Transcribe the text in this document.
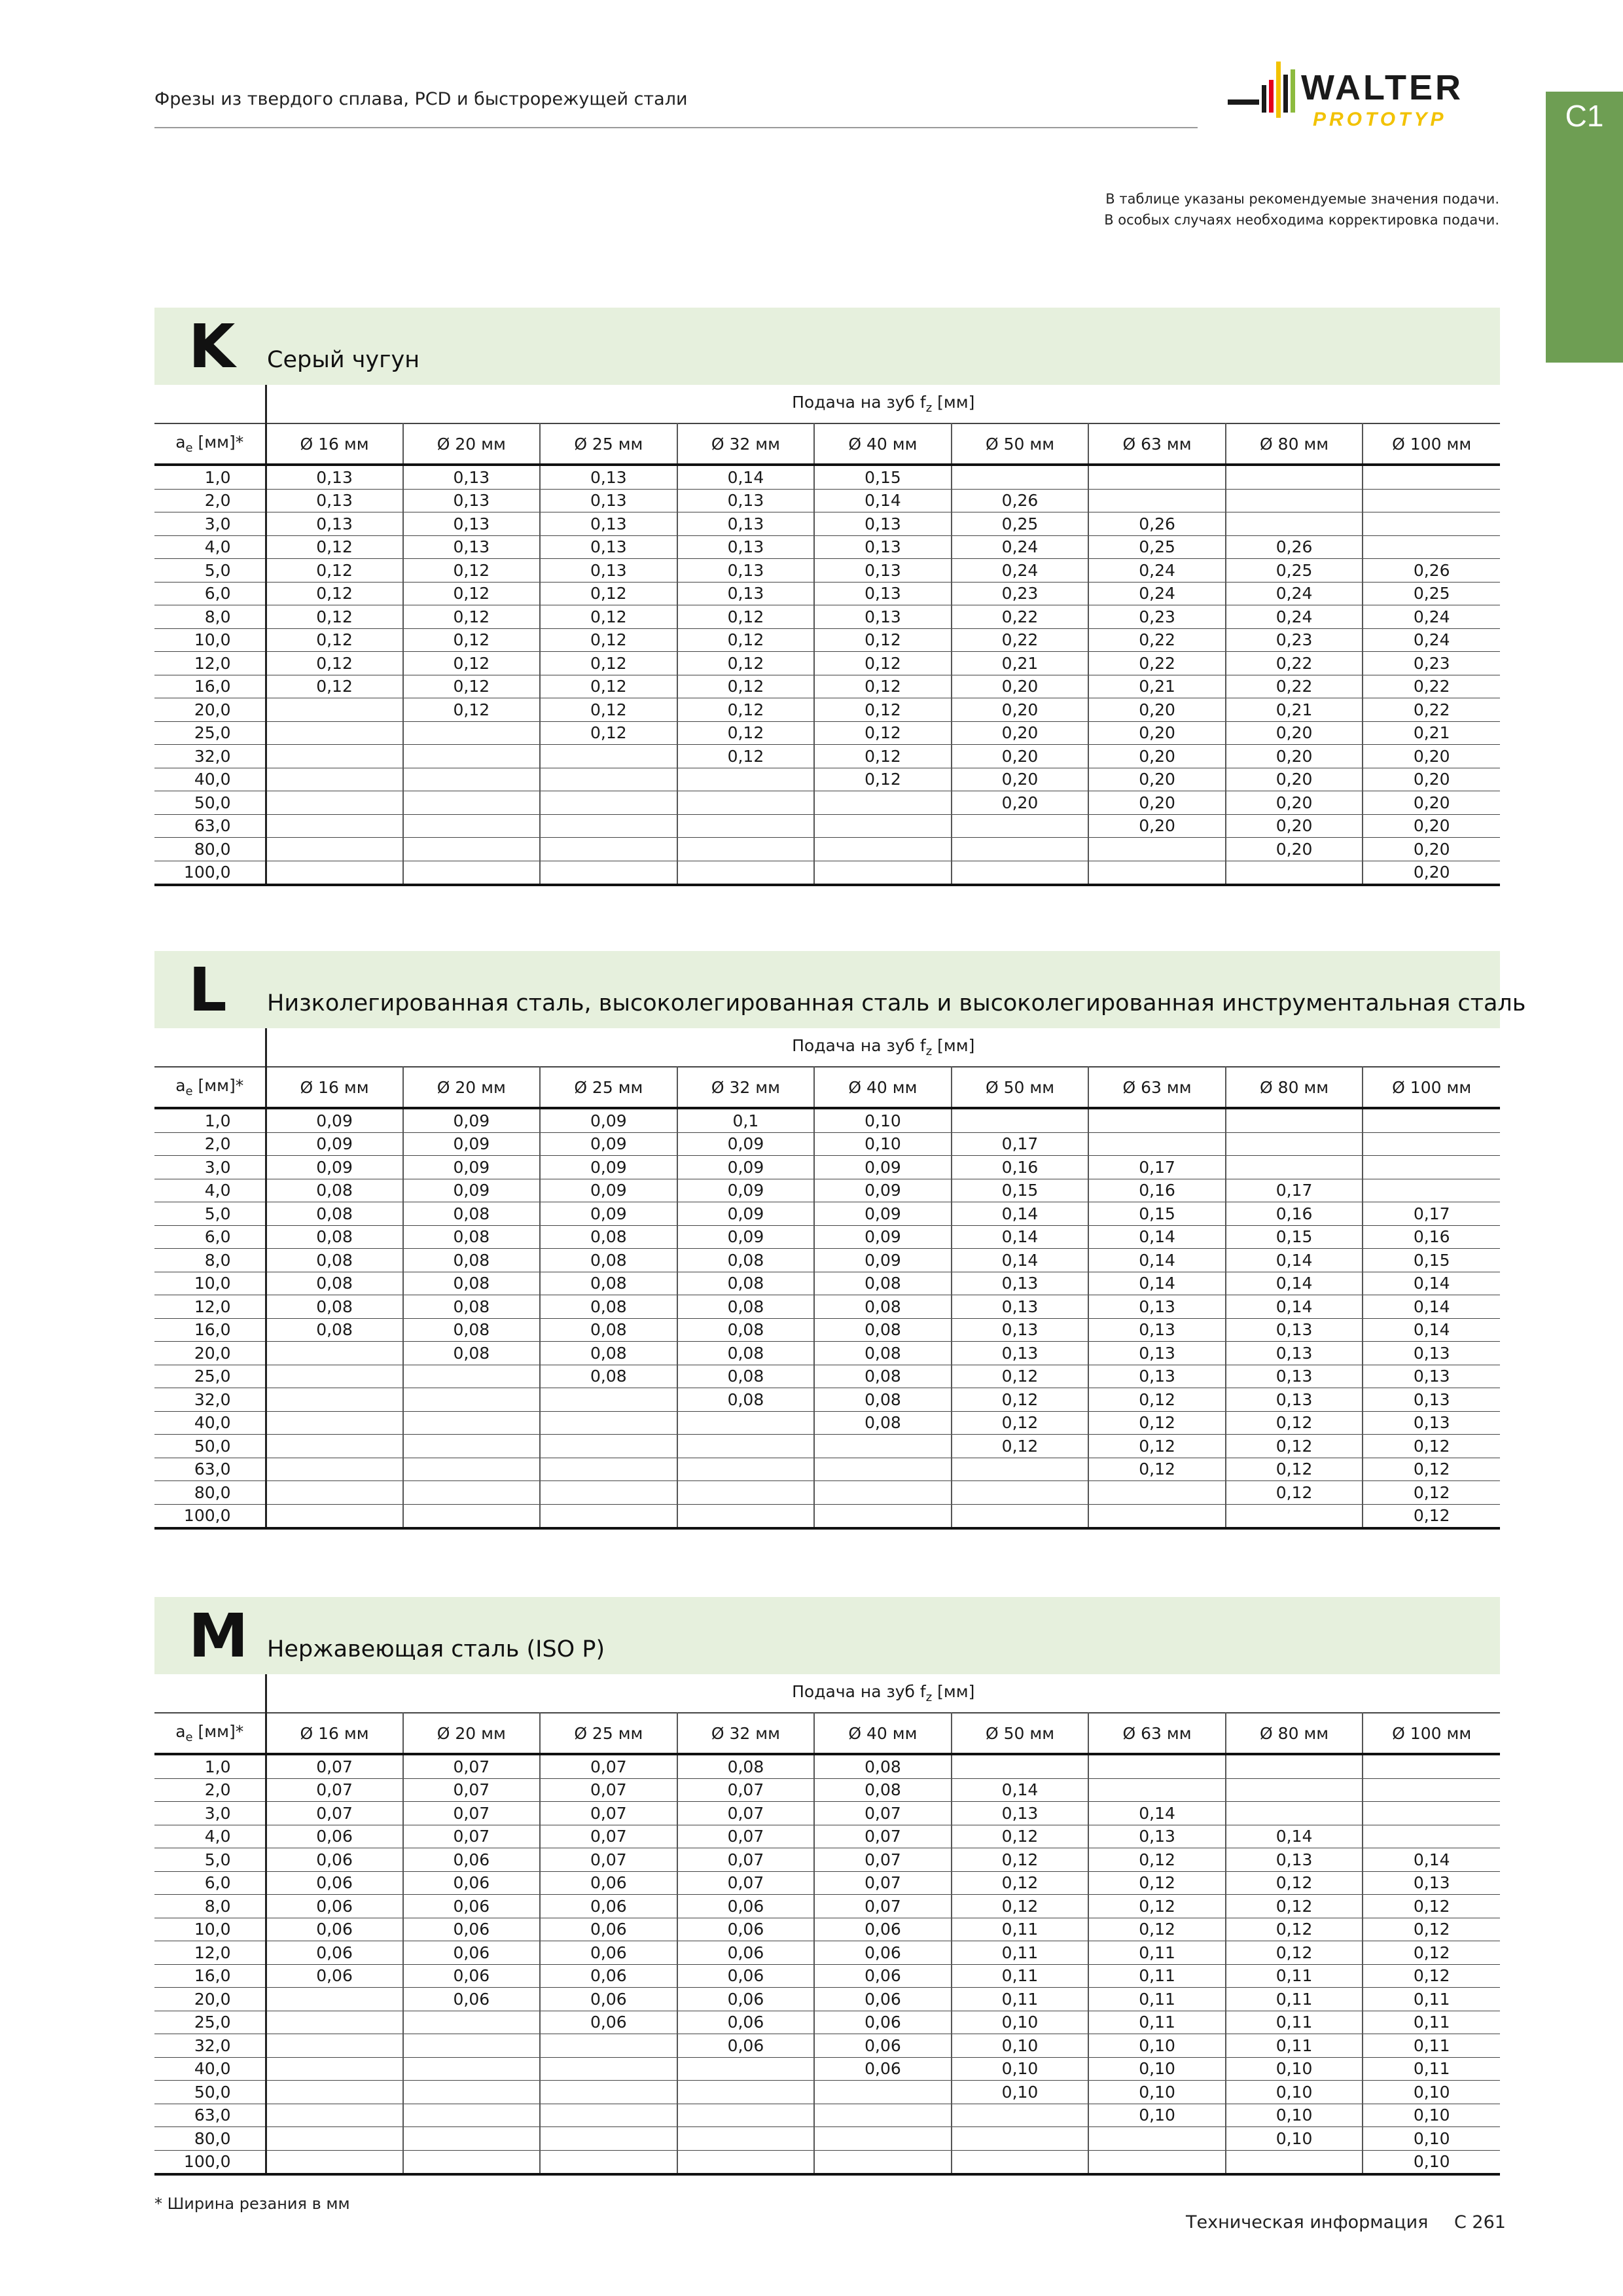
Фрезы из твердого сплава, PCD и быстрорежущей стали	WALTER
PROTOTYP	C1
В таблице указаны рекомендуемые значения подачи.
В особых случаях необходима корректировка подачи.
K Серый чугун
	Подача на зуб $f_z$ [мм]								
$a_e$ [мм]*	Ø 16 мм	Ø 20 мм	Ø 25 мм	Ø 32 мм	Ø 40 мм	Ø 50 мм	Ø 63 мм	Ø 80 мм	Ø 100 мм
1,0	0,13	0,13	0,13	0,14	0,15				
2,0	0,13	0,13	0,13	0,13	0,14	0,26			
3,0	0,13	0,13	0,13	0,13	0,13	0,25	0,26		
4,0	0,12	0,13	0,13	0,13	0,13	0,24	0,25	0,26	
5,0	0,12	0,12	0,13	0,13	0,13	0,24	0,24	0,25	0,26
6,0	0,12	0,12	0,12	0,13	0,13	0,23	0,24	0,24	0,25
8,0	0,12	0,12	0,12	0,12	0,13	0,22	0,23	0,24	0,24
10,0	0,12	0,12	0,12	0,12	0,12	0,22	0,22	0,23	0,24
12,0	0,12	0,12	0,12	0,12	0,12	0,21	0,22	0,22	0,23
16,0	0,12	0,12	0,12	0,12	0,12	0,20	0,21	0,22	0,22
20,0		0,12	0,12	0,12	0,12	0,20	0,20	0,21	0,22
25,0			0,12	0,12	0,12	0,20	0,20	0,20	0,21
32,0				0,12	0,12	0,20	0,20	0,20	0,20
40,0					0,12	0,20	0,20	0,20	0,20
50,0						0,20	0,20	0,20	0,20
63,0							0,20	0,20	0,20
80,0								0,20	0,20
100,0									0,20
L Низколегированная сталь, высоколегированная сталь и высоколегированная инструментальная сталь
	Подача на зуб $f_z$ [мм]								
$a_e$ [мм]*	Ø 16 мм	Ø 20 мм	Ø 25 мм	Ø 32 мм	Ø 40 мм	Ø 50 мм	Ø 63 мм	Ø 80 мм	Ø 100 мм
1,0	0,09	0,09	0,09	0,1	0,10				
2,0	0,09	0,09	0,09	0,09	0,10	0,17			
3,0	0,09	0,09	0,09	0,09	0,09	0,16	0,17		
4,0	0,08	0,09	0,09	0,09	0,09	0,15	0,16	0,17	
5,0	0,08	0,08	0,09	0,09	0,09	0,14	0,15	0,16	0,17
6,0	0,08	0,08	0,08	0,09	0,09	0,14	0,14	0,15	0,16
8,0	0,08	0,08	0,08	0,08	0,09	0,14	0,14	0,14	0,15
10,0	0,08	0,08	0,08	0,08	0,08	0,13	0,14	0,14	0,14
12,0	0,08	0,08	0,08	0,08	0,08	0,13	0,13	0,14	0,14
16,0	0,08	0,08	0,08	0,08	0,08	0,13	0,13	0,13	0,14
20,0		0,08	0,08	0,08	0,08	0,13	0,13	0,13	0,13
25,0			0,08	0,08	0,08	0,12	0,13	0,13	0,13
32,0				0,08	0,08	0,12	0,12	0,13	0,13
40,0					0,08	0,12	0,12	0,12	0,13
50,0						0,12	0,12	0,12	0,12
63,0							0,12	0,12	0,12
80,0								0,12	0,12
100,0									0,12
M Нержавеющая сталь (ISO P)
	Подача на зуб $f_z$ [мм]								
$a_e$ [мм]*	Ø 16 мм	Ø 20 мм	Ø 25 мм	Ø 32 мм	Ø 40 мм	Ø 50 мм	Ø 63 мм	Ø 80 мм	Ø 100 мм
1,0	0,07	0,07	0,07	0,08	0,08				
2,0	0,07	0,07	0,07	0,07	0,08	0,14			
3,0	0,07	0,07	0,07	0,07	0,07	0,13	0,14		
4,0	0,06	0,07	0,07	0,07	0,07	0,12	0,13	0,14	
5,0	0,06	0,06	0,07	0,07	0,07	0,12	0,12	0,13	0,14
6,0	0,06	0,06	0,06	0,07	0,07	0,12	0,12	0,12	0,13
8,0	0,06	0,06	0,06	0,06	0,07	0,12	0,12	0,12	0,12
10,0	0,06	0,06	0,06	0,06	0,06	0,11	0,12	0,12	0,12
12,0	0,06	0,06	0,06	0,06	0,06	0,11	0,11	0,12	0,12
16,0	0,06	0,06	0,06	0,06	0,06	0,11	0,11	0,11	0,12
20,0		0,06	0,06	0,06	0,06	0,11	0,11	0,11	0,11
25,0			0,06	0,06	0,06	0,10	0,11	0,11	0,11
32,0				0,06	0,06	0,10	0,10	0,11	0,11
40,0					0,06	0,10	0,10	0,10	0,11
50,0						0,10	0,10	0,10	0,10
63,0							0,10	0,10	0,10
80,0								0,10	0,10
100,0									0,10
* Ширина резания в мм
Техническая информация C 261
